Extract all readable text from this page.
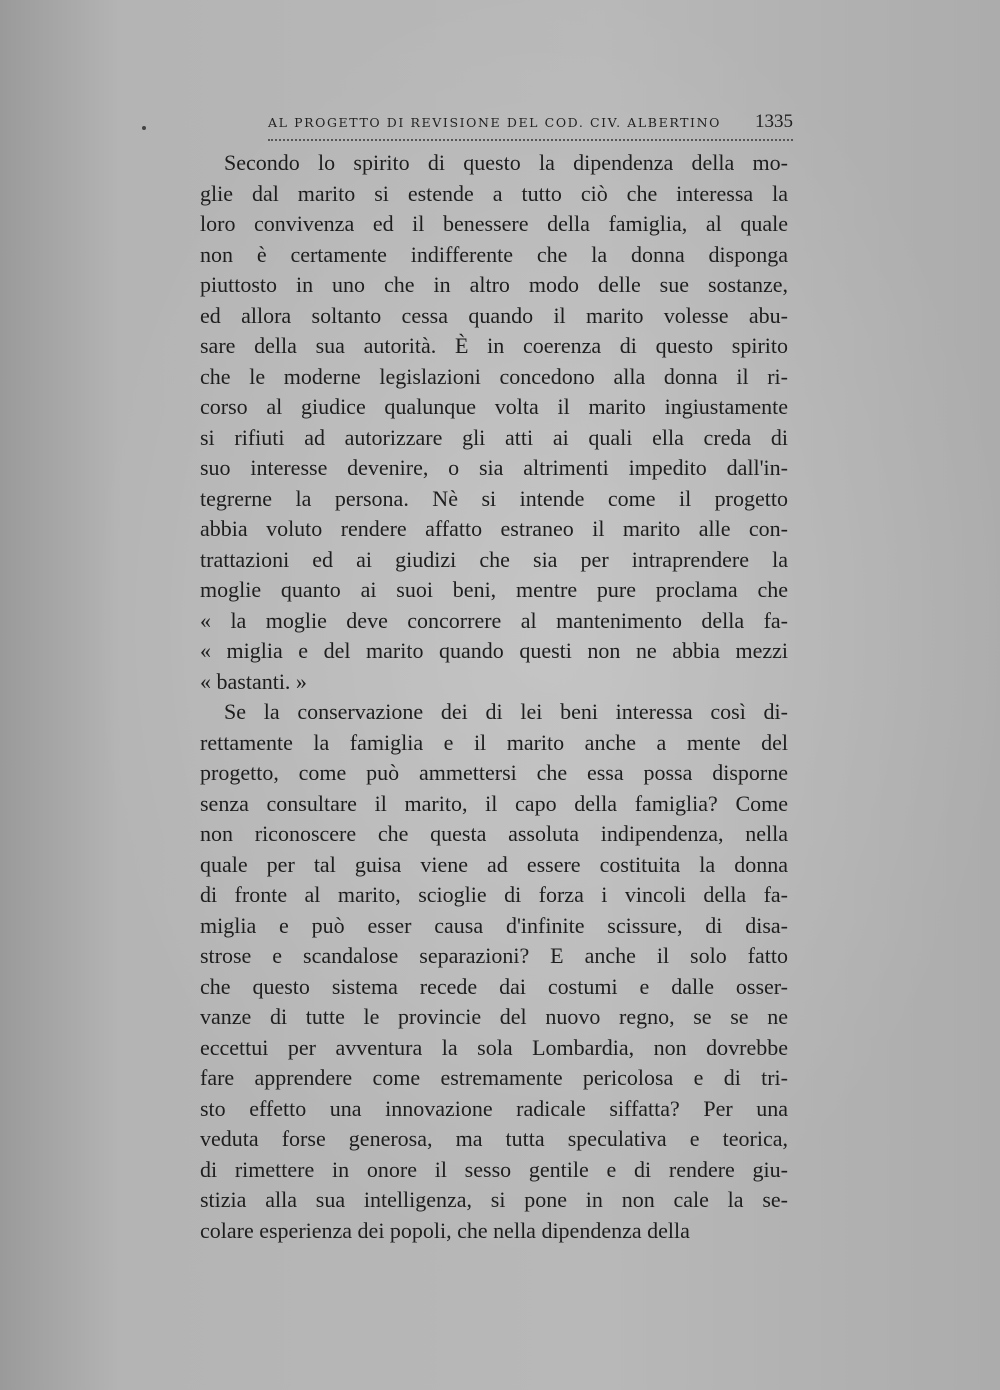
AL PROGETTO DI REVISIONE DEL COD. CIV. ALBERTINO 1335
Secondo lo spirito di questo la dipendenza della mo-
glie dal marito si estende a tutto ciò che interessa la
loro convivenza ed il benessere della famiglia, al quale
non è certamente indifferente che la donna disponga
piuttosto in uno che in altro modo delle sue sostanze,
ed allora soltanto cessa quando il marito volesse abu-
sare della sua autorità. È in coerenza di questo spirito
che le moderne legislazioni concedono alla donna il ri-
corso al giudice qualunque volta il marito ingiustamente
si rifiuti ad autorizzare gli atti ai quali ella creda di
suo interesse devenire, o sia altrimenti impedito dall'in-
tegrerne la persona. Nè si intende come il progetto
abbia voluto rendere affatto estraneo il marito alle con-
trattazioni ed ai giudizi che sia per intraprendere la
moglie quanto ai suoi beni, mentre pure proclama che
« la moglie deve concorrere al mantenimento della fa-
« miglia e del marito quando questi non ne abbia mezzi
« bastanti. »
Se la conservazione dei di lei beni interessa così di-
rettamente la famiglia e il marito anche a mente del
progetto, come può ammettersi che essa possa disporne
senza consultare il marito, il capo della famiglia? Come
non riconoscere che questa assoluta indipendenza, nella
quale per tal guisa viene ad essere costituita la donna
di fronte al marito, scioglie di forza i vincoli della fa-
miglia e può esser causa d'infinite scissure, di disa-
strose e scandalose separazioni? E anche il solo fatto
che questo sistema recede dai costumi e dalle osser-
vanze di tutte le provincie del nuovo regno, se se ne
eccettui per avventura la sola Lombardia, non dovrebbe
fare apprendere come estremamente pericolosa e di tri-
sto effetto una innovazione radicale siffatta? Per una
veduta forse generosa, ma tutta speculativa e teorica,
di rimettere in onore il sesso gentile e di rendere giu-
stizia alla sua intelligenza, si pone in non cale la se-
colare esperienza dei popoli, che nella dipendenza della
